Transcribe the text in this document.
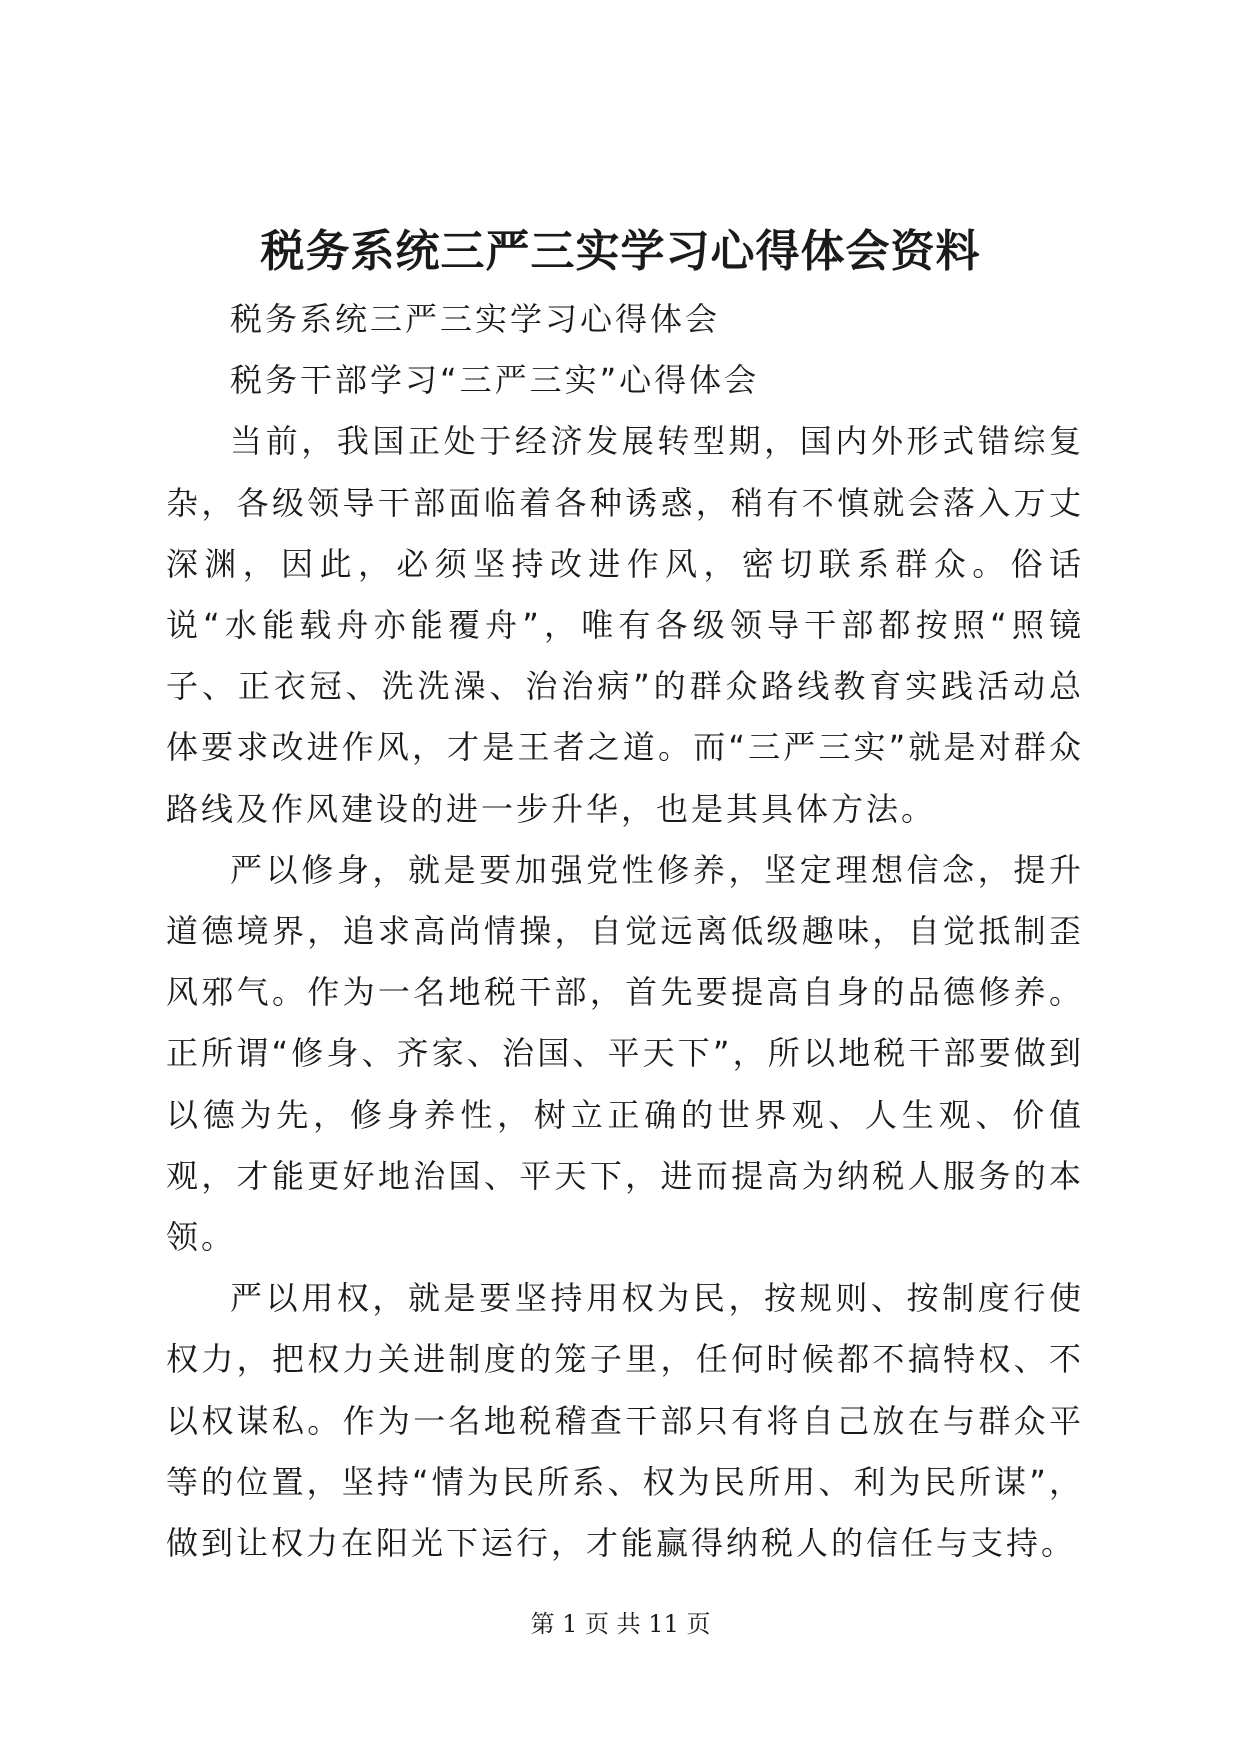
税务系统三严三实学习心得体会资料

税务系统三严三实学习心得体会

税务干部学习“三严三实”心得体会

当前，我国正处于经济发展转型期，国内外形式错综复杂，各级领导干部面临着各种诱惑，稍有不慎就会落入万丈深渊，因此，必须坚持改进作风，密切联系群众。俗话说“水能载舟亦能覆舟”，唯有各级领导干部都按照“照镜子、正衣冠、洗洗澡、治治病”的群众路线教育实践活动总体要求改进作风，才是王者之道。而“三严三实”就是对群众路线及作风建设的进一步升华，也是其具体方法。

严以修身，就是要加强党性修养，坚定理想信念，提升道德境界，追求高尚情操，自觉远离低级趣味，自觉抵制歪风邪气。作为一名地税干部，首先要提高自身的品德修养。正所谓“修身、齐家、治国、平天下”，所以地税干部要做到以德为先，修身养性，树立正确的世界观、人生观、价值观，才能更好地治国、平天下，进而提高为纳税人服务的本领。

严以用权，就是要坚持用权为民，按规则、按制度行使权力，把权力关进制度的笼子里，任何时候都不搞特权、不以权谋私。作为一名地税稽查干部只有将自己放在与群众平等的位置，坚持“情为民所系、权为民所用、利为民所谋”，做到让权力在阳光下运行，才能赢得纳税人的信任与支持。

第 1 页 共 11 页
